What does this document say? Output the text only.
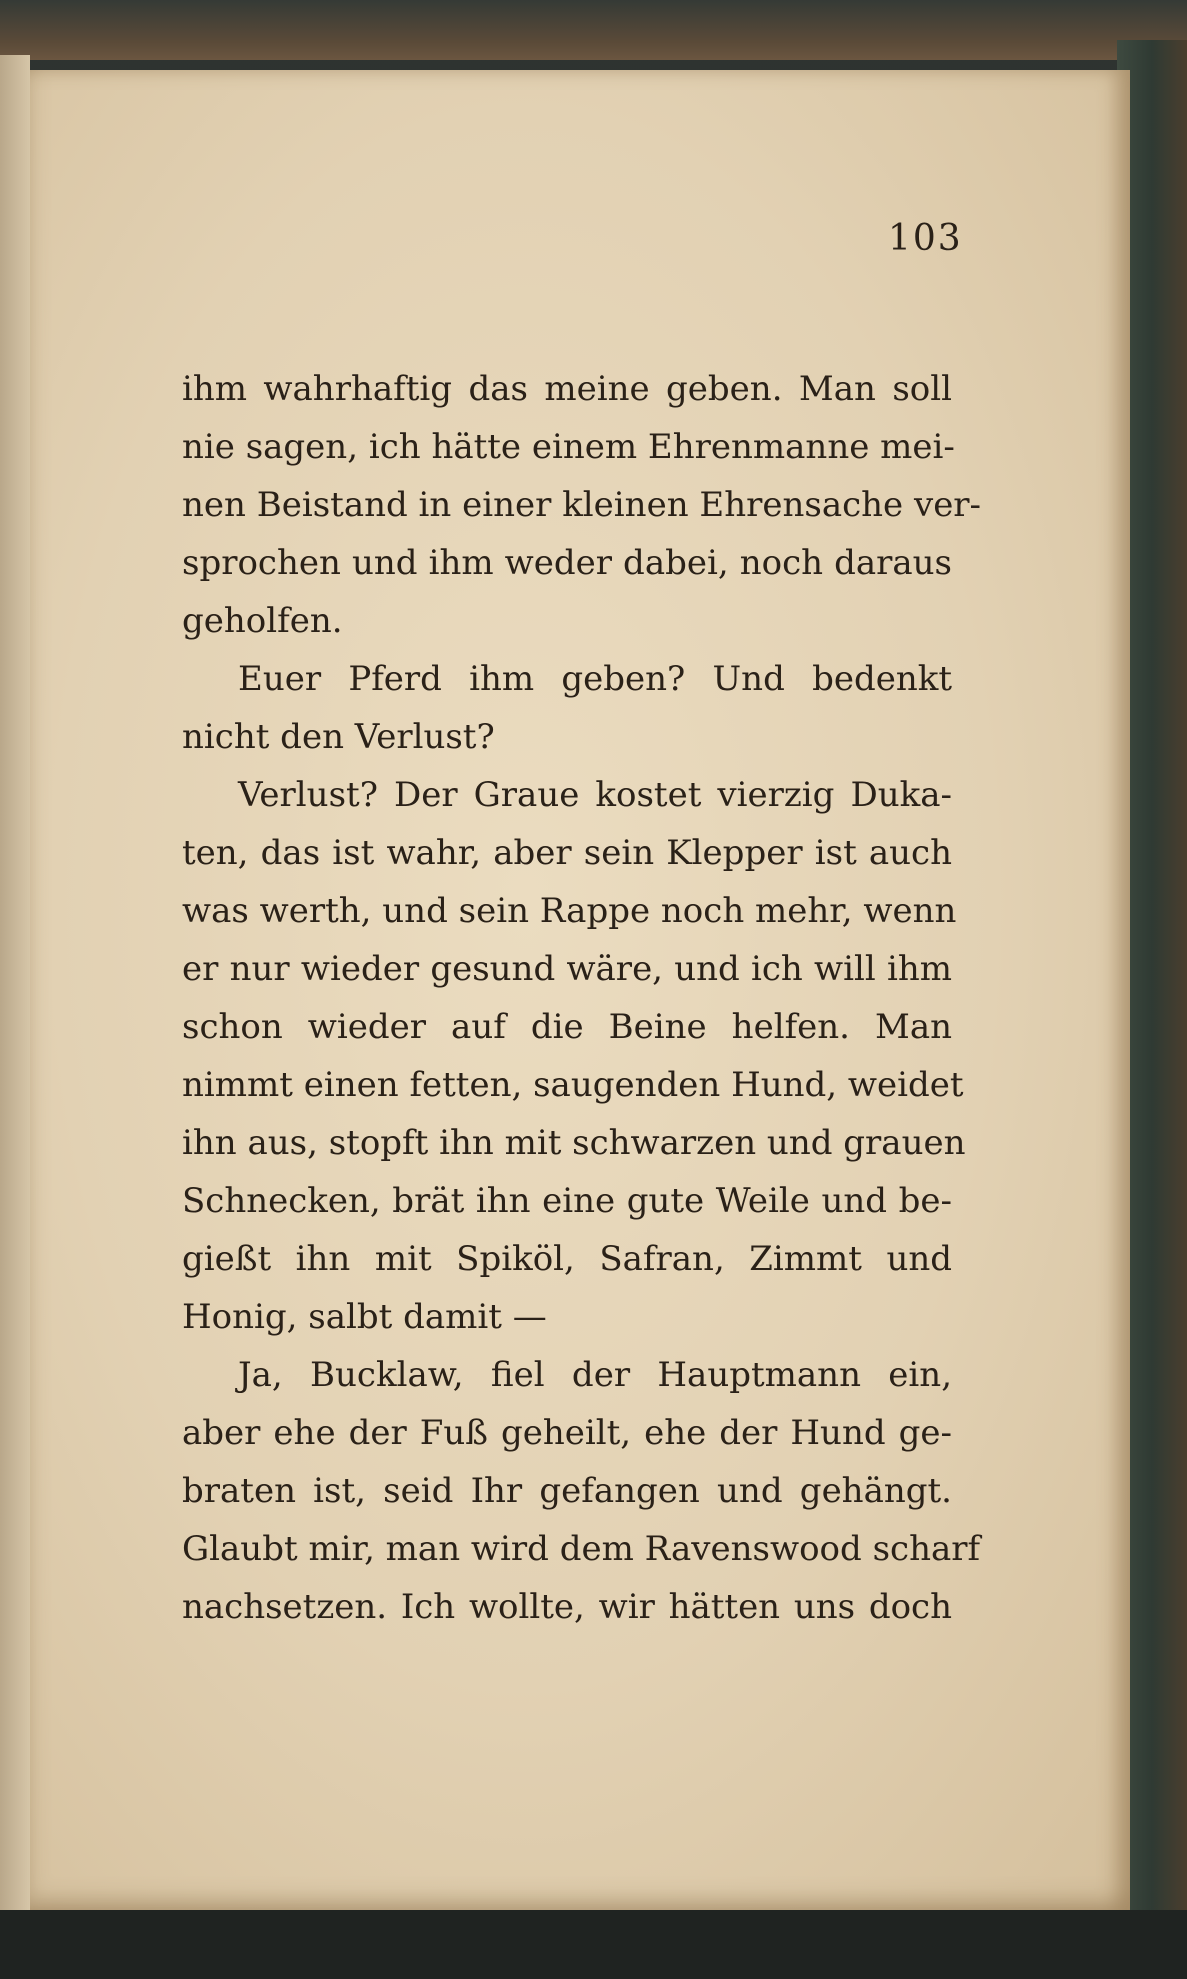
103

ihm wahrhaftig das meine geben. Man soll
nie sagen, ich hätte einem Ehrenmanne mei-
nen Beistand in einer kleinen Ehrensache ver-
sprochen und ihm weder dabei, noch daraus
geholfen.

Euer Pferd ihm geben? Und bedenkt
nicht den Verlust?

Verlust? Der Graue kostet vierzig Duka-
ten, das ist wahr, aber sein Klepper ist auch
was werth, und sein Rappe noch mehr, wenn
er nur wieder gesund wäre, und ich will ihm
schon wieder auf die Beine helfen. Man
nimmt einen fetten, saugenden Hund, weidet
ihn aus, stopft ihn mit schwarzen und grauen
Schnecken, brät ihn eine gute Weile und be-
gießt ihn mit Spiköl, Safran, Zimmt und
Honig, salbt damit —

Ja, Bucklaw, fiel der Hauptmann ein,
aber ehe der Fuß geheilt, ehe der Hund ge-
braten ist, seid Ihr gefangen und gehängt.
Glaubt mir, man wird dem Ravenswood scharf
nachsetzen. Ich wollte, wir hätten uns doch
